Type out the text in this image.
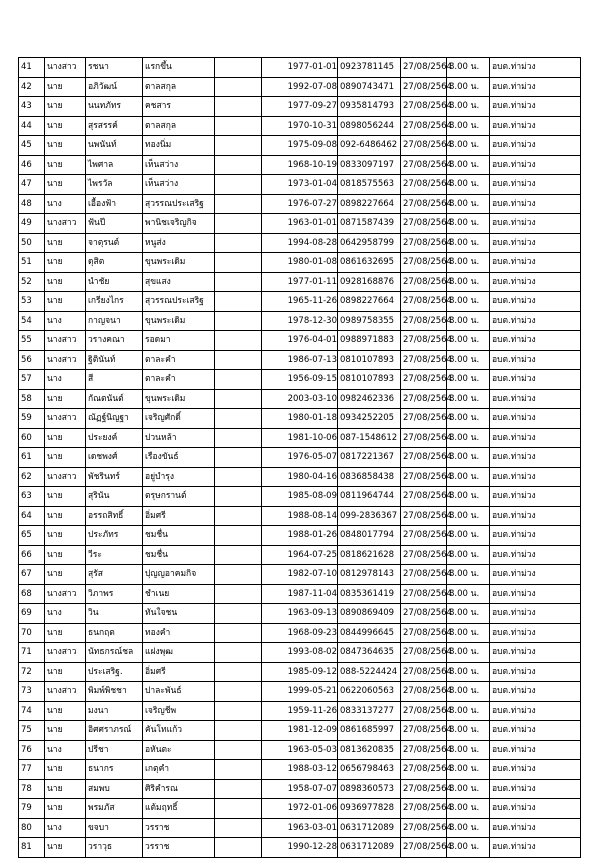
41	นางสาว	รชนา	แรกขึ้น		1977-01-01	0923781145	27/08/2564	8.00 น.	อบต.ท่าม่วง
42	นาย	อภิวัฒน์	ตาลสกุล		1992-07-08	0890743471	27/08/2564	8.00 น.	อบต.ท่าม่วง
43	นาย	นนทภัทร	คชสาร		1977-09-27	0935814793	27/08/2564	8.00 น.	อบต.ท่าม่วง
44	นาย	สุรสรรค์	ตาลสกุล		1970-10-31	0898056244	27/08/2564	8.00 น.	อบต.ท่าม่วง
45	นาย	นพนันท์	ทองนิ่ม		1975-09-08	092-6486462	27/08/2564	8.00 น.	อบต.ท่าม่วง
46	นาย	ไพศาล	เห็นสว่าง		1968-10-19	0833097197	27/08/2564	8.00 น.	อบต.ท่าม่วง
47	นาย	ไพรวัล	เห็นสว่าง		1973-01-04	0818575563	27/08/2564	8.00 น.	อบต.ท่าม่วง
48	นาง	เอื้องฟ้า	สุวรรณประเสริฐ		1976-07-27	0898227664	27/08/2564	8.00 น.	อบต.ท่าม่วง
49	นางสาว	ฟันปี	พานิชเจริญกิจ		1963-01-01	0871587439	27/08/2564	8.00 น.	อบต.ท่าม่วง
50	นาย	จาตุรนต์	หนูส่ง		1994-08-28	0642958799	27/08/2564	8.00 น.	อบต.ท่าม่วง
51	นาย	ดุสิต	ขุนพระเดิม		1980-01-08	0861632695	27/08/2564	8.00 น.	อบต.ท่าม่วง
52	นาย	นำชัย	สุขแสง		1977-01-11	0928168876	27/08/2564	8.00 น.	อบต.ท่าม่วง
53	นาย	เกรียงไกร	สุวรรณประเสริฐ		1965-11-26	0898227664	27/08/2564	8.00 น.	อบต.ท่าม่วง
54	นาง	กาญจนา	ขุนพระเดิม		1978-12-30	0989758355	27/08/2564	8.00 น.	อบต.ท่าม่วง
55	นางสาว	วรางคณา	รอดมา		1976-04-01	0988971883	27/08/2564	8.00 น.	อบต.ท่าม่วง
56	นางสาว	ฐิตินันท์	ตาละคำ		1986-07-13	0810107893	27/08/2564	8.00 น.	อบต.ท่าม่วง
57	นาง	สี	ตาละคำ		1956-09-15	0810107893	27/08/2564	8.00 น.	อบต.ท่าม่วง
58	นาย	กัณตนันต์	ขุนพระเดิม		2003-03-10	0982462336	27/08/2564	8.00 น.	อบต.ท่าม่วง
59	นางสาว	ณัฏฐ์นิญฐา	เจริญศักดิ์		1980-01-18	0934252205	27/08/2564	8.00 น.	อบต.ท่าม่วง
60	นาย	ประยงค์	ปวนหล้า		1981-10-06	087-1548612	27/08/2564	8.00 น.	อบต.ท่าม่วง
61	นาย	เดชพงศ์	เรืองขันธ์		1976-05-07	0817221367	27/08/2564	8.00 น.	อบต.ท่าม่วง
62	นางสาว	พัชรินทร์	อยู่บำรุง		1980-04-16	0836858438	27/08/2564	8.00 น.	อบต.ท่าม่วง
63	นาย	สุรินัน	ตรุษกรานต์		1985-08-09	0811964744	27/08/2564	8.00 น.	อบต.ท่าม่วง
64	นาย	อรรถสิทธิ์	อิ่มศรี		1988-08-14	099-2836367	27/08/2564	8.00 น.	อบต.ท่าม่วง
65	นาย	ประภัทร	ชมชื่น		1988-01-26	0848017794	27/08/2564	8.00 น.	อบต.ท่าม่วง
66	นาย	วีระ	ชมชื่น		1964-07-25	0818621628	27/08/2564	8.00 น.	อบต.ท่าม่วง
67	นาย	สุรัส	ปุญญอาคมกิจ		1982-07-10	0812978143	27/08/2564	8.00 น.	อบต.ท่าม่วง
68	นางสาว	วิภาพร	ชำเนย		1987-11-04	0835361419	27/08/2564	8.00 น.	อบต.ท่าม่วง
69	นาง	วิน	ทันใจชน		1963-09-13	0890869409	27/08/2564	8.00 น.	อบต.ท่าม่วง
70	นาย	ธนกฤต	ทองคำ		1968-09-23	0844996645	27/08/2564	8.00 น.	อบต.ท่าม่วง
71	นางสาว	นัทธกรณ์ชล	แฝงพุฒ		1993-08-02	0847364635	27/08/2564	8.00 น.	อบต.ท่าม่วง
72	นาย	ประเสริฐ.	อิ่มศรี		1985-09-12	088-5224424	27/08/2564	8.00 น.	อบต.ท่าม่วง
73	นางสาว	พิมพ์พิชชา	ปาละพันธ์		1999-05-21	0622060563	27/08/2564	8.00 น.	อบต.ท่าม่วง
74	นาย	มงนา	เจริญชีพ		1959-11-26	0833137277	27/08/2564	8.00 น.	อบต.ท่าม่วง
75	นาย	อิศศราภรณ์	คันโทแก้ว		1981-12-09	0861685997	27/08/2564	8.00 น.	อบต.ท่าม่วง
76	นาง	ปรีชา	อหันตะ		1963-05-03	0813620835	27/08/2564	8.00 น.	อบต.ท่าม่วง
77	นาย	ธนากร	เกตุคำ		1988-03-12	0656798463	27/08/2564	8.00 น.	อบต.ท่าม่วง
78	นาย	สมพบ	ศิริคำรณ		1958-07-07	0898360573	27/08/2564	8.00 น.	อบต.ท่าม่วง
79	นาย	พรมภัส	แต้มฤทธิ์		1972-01-06	0936977828	27/08/2564	8.00 น.	อบต.ท่าม่วง
80	นาง	ขจบา	วรราช		1963-03-01	0631712089	27/08/2564	8.00 น.	อบต.ท่าม่วง
81	นาย	วราวุธ	วรราช		1990-12-28	0631712089	27/08/2564	8.00 น.	อบต.ท่าม่วง
